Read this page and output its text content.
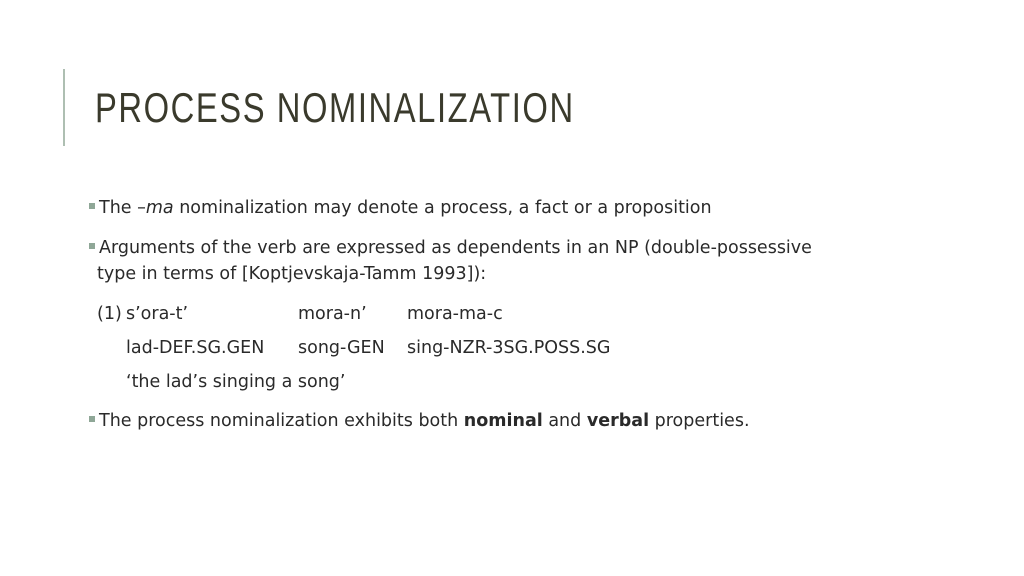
PROCESS NOMINALIZATION
The –ma nominalization may denote a process, a fact or a proposition
Arguments of the verb are expressed as dependents in an NP (double-possessive
type in terms of [Koptjevskaja-Tamm 1993]):
(1) s’ora-t’	mora-n’ mora-ma-c
lad-DEF.SG.GEN song-GEN sing-NZR-3SG.POSS.SG
‘the lad’s singing a song’
The process nominalization exhibits both nominal and verbal properties.
